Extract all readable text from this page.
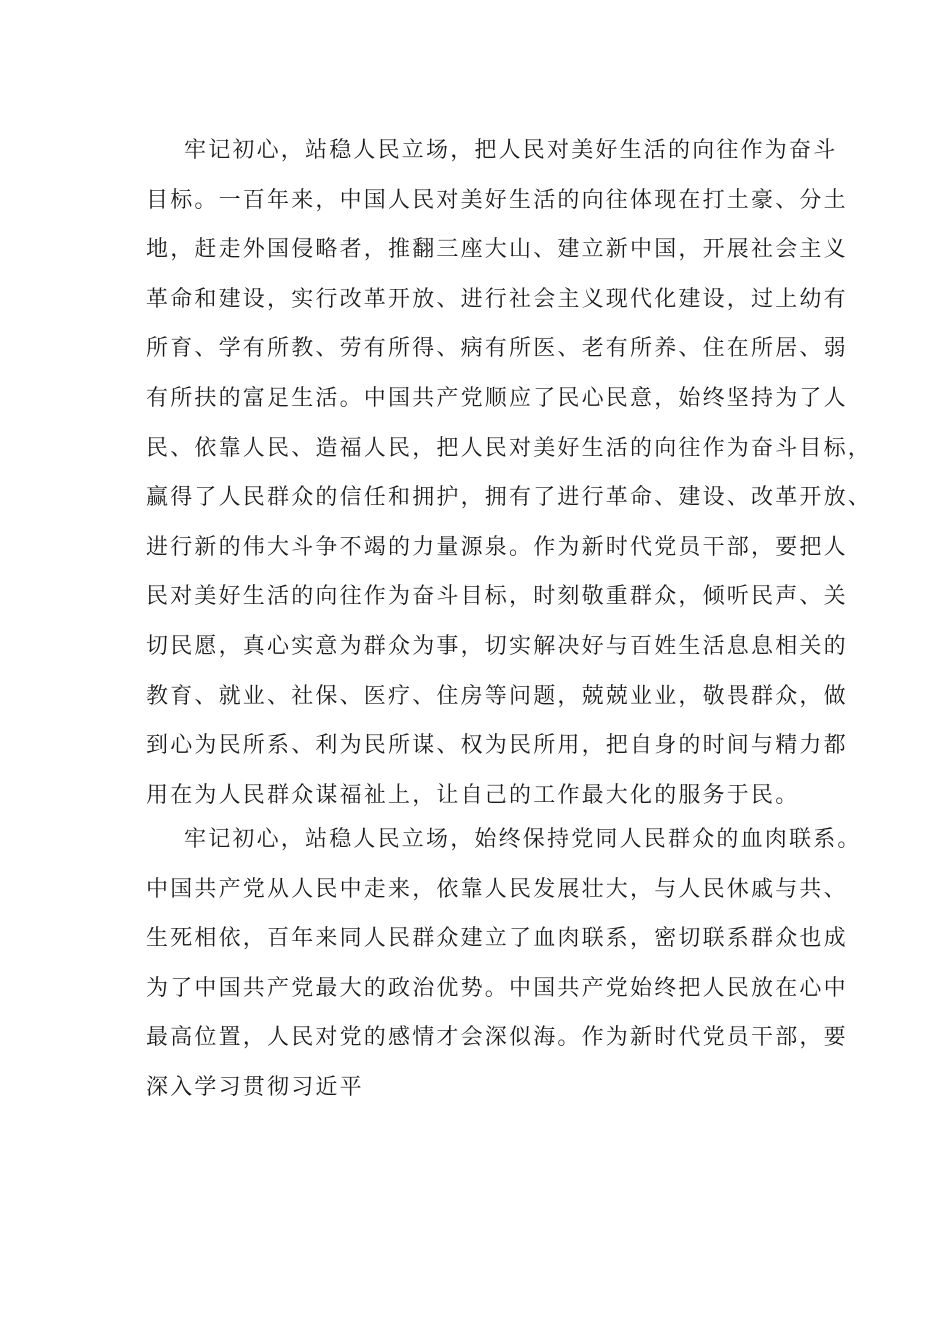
牢记初心，站稳人民立场，把人民对美好生活的向往作为奋斗
目标。一百年来，中国人民对美好生活的向往体现在打土豪、分土
地，赶走外国侵略者，推翻三座大山、建立新中国，开展社会主义
革命和建设，实行改革开放、进行社会主义现代化建设，过上幼有
所育、学有所教、劳有所得、病有所医、老有所养、住在所居、弱
有所扶的富足生活。中国共产党顺应了民心民意，始终坚持为了人
民、依靠人民、造福人民，把人民对美好生活的向往作为奋斗目标，
赢得了人民群众的信任和拥护，拥有了进行革命、建设、改革开放、
进行新的伟大斗争不竭的力量源泉。作为新时代党员干部，要把人
民对美好生活的向往作为奋斗目标，时刻敬重群众，倾听民声、关
切民愿，真心实意为群众为事，切实解决好与百姓生活息息相关的
教育、就业、社保、医疗、住房等问题，兢兢业业，敬畏群众，做
到心为民所系、利为民所谋、权为民所用，把自身的时间与精力都
用在为人民群众谋福祉上，让自己的工作最大化的服务于民。
牢记初心，站稳人民立场，始终保持党同人民群众的血肉联系。
中国共产党从人民中走来，依靠人民发展壮大，与人民休戚与共、
生死相依，百年来同人民群众建立了血肉联系，密切联系群众也成
为了中国共产党最大的政治优势。中国共产党始终把人民放在心中
最高位置，人民对党的感情才会深似海。作为新时代党员干部，要
深入学习贯彻习近平
